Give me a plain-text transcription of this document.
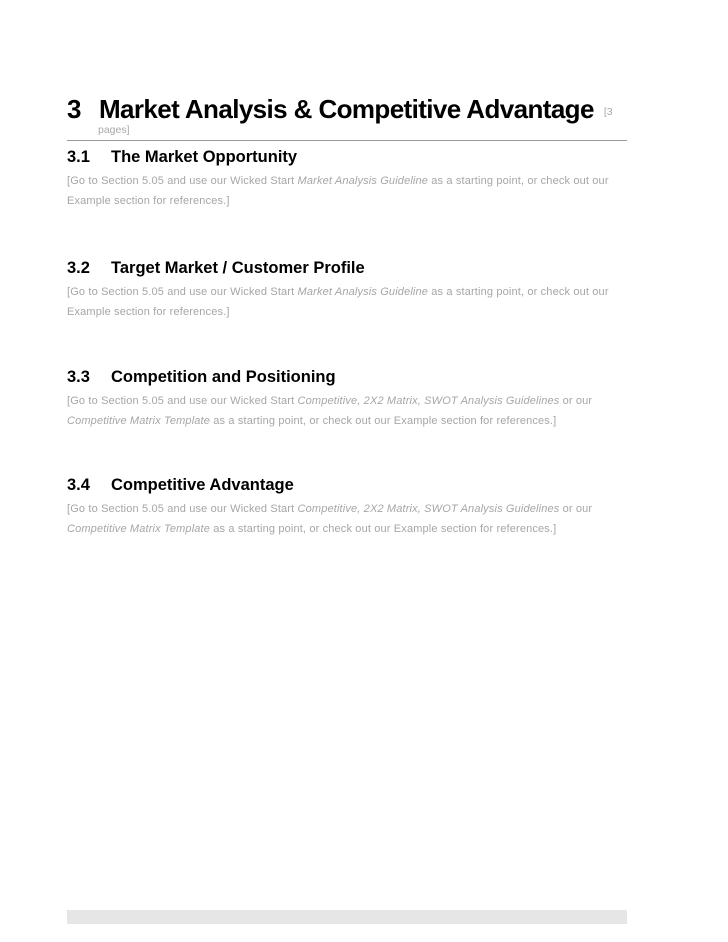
3 Market Analysis & Competitive Advantage [3
pages]
3.1	The Market Opportunity
[Go to Section 5.05 and use our Wicked Start Market Analysis Guideline as a starting point, or check out our Example section for references.]
3.2	Target Market / Customer Profile
[Go to Section 5.05 and use our Wicked Start Market Analysis Guideline as a starting point, or check out our Example section for references.]
3.3	Competition and Positioning
[Go to Section 5.05 and use our Wicked Start Competitive, 2X2 Matrix, SWOT Analysis Guidelines or our Competitive Matrix Template as a starting point, or check out our Example section for references.]
3.4	Competitive Advantage
[Go to Section 5.05 and use our Wicked Start Competitive, 2X2 Matrix, SWOT Analysis Guidelines or our Competitive Matrix Template as a starting point, or check out our Example section for references.]
